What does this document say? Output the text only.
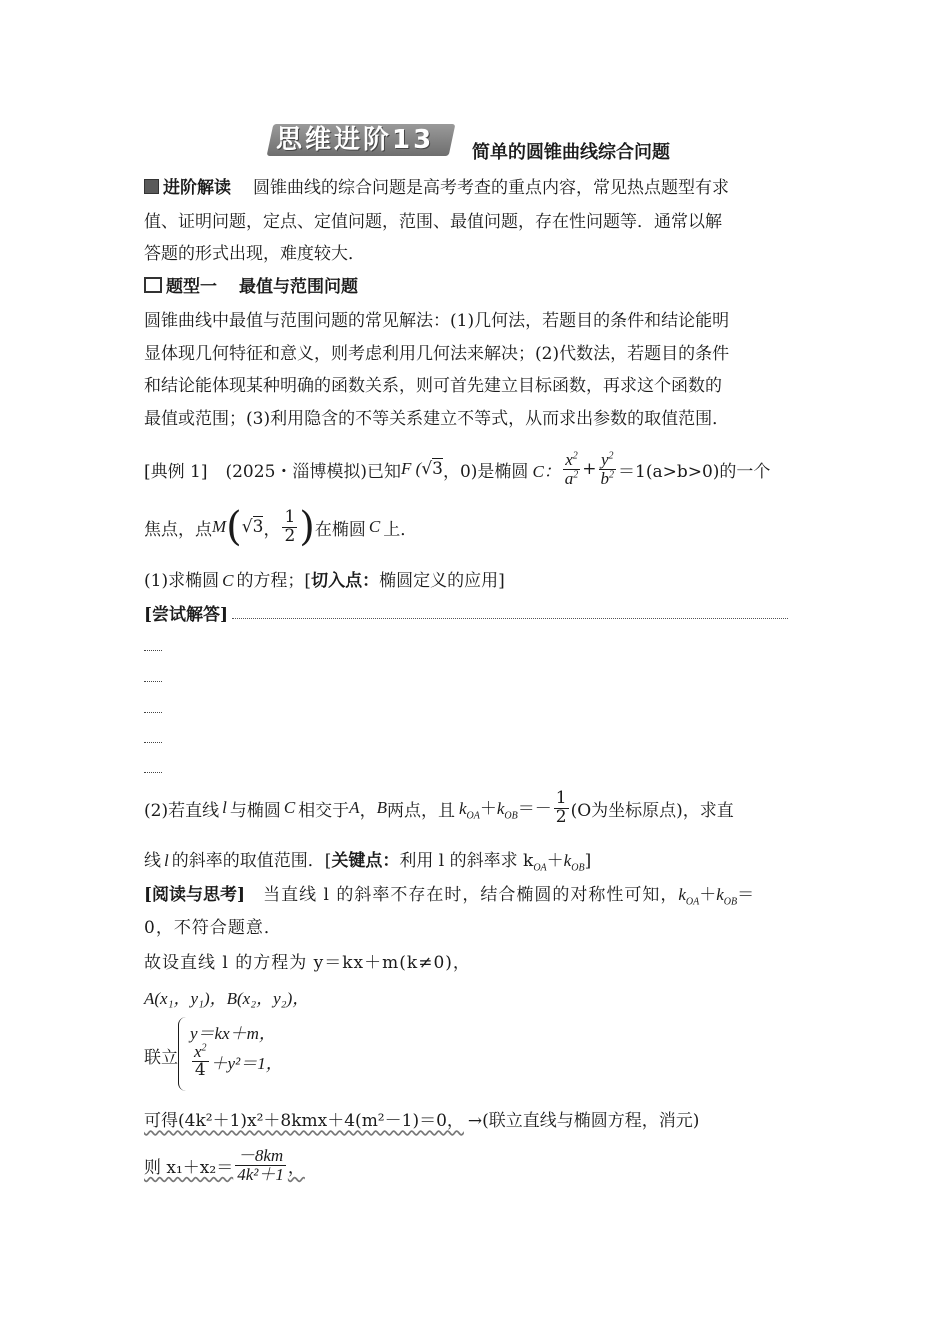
思维进阶13	简单的圆锥曲线综合问题
进阶解读 圆锥曲线的综合问题是高考考查的重点内容，常见热点题型有求
值、证明问题，定点、定值问题，范围、最值问题，存在性问题等．通常以解
答题的形式出现，难度较大．
题型一 最值与范围问题
圆锥曲线中最值与范围问题的常见解法：(1)几何法，若题目的条件和结论能明
显体现几何特征和意义，则考虑利用几何法来解决；(2)代数法，若题目的条件
和结论能体现某种明确的函数关系，则可首先建立目标函数，再求这个函数的
最值或范围；(3)利用隐含的不等关系建立不等式，从而求出参数的取值范围．
[典例 1] (2025・淄博模拟)已知 F ( √3 ，0)是椭圆 C： $\frac{x^2}{a^2} + \frac{y^2}{b^2} =1(a>b>0)$的一个
焦点，点 M ( √3 ， $\frac{1}{2}$ ) 在椭圆 C 上．
(1)求椭圆 C 的方程；[切入点：椭圆定义的应用]
[尝试解答]
(2)若直线 l 与椭圆 C 相交于 A ， B 两点，且 $k_{OA}+k_{OB}=- \frac{1}{2} (O$为坐标原点)，求直
线 l 的斜率的取值范围．[关键点：利用 l 的斜率求 $k_{OA}+k_{OB}$]
[阅读与思考] 当直线 l 的斜率不存在时，结合椭圆的对称性可知，$k_{OA}+k_{OB}=$
0，不符合题意．
故设直线 l 的方程为 y＝kx＋m(k≠0)，
A(x₁，y₁)，B(x₂，y₂)，
联立
y＝kx＋m，
$\frac{x^2}{4} +y^2=1$，
可得(4k²＋1)x²＋8kmx＋4(m²－1)＝0， →(联立直线与椭圆方程，消元)
则 $x_1+x_2= \frac{-8km}{\text{4k²＋1}}$ ，
